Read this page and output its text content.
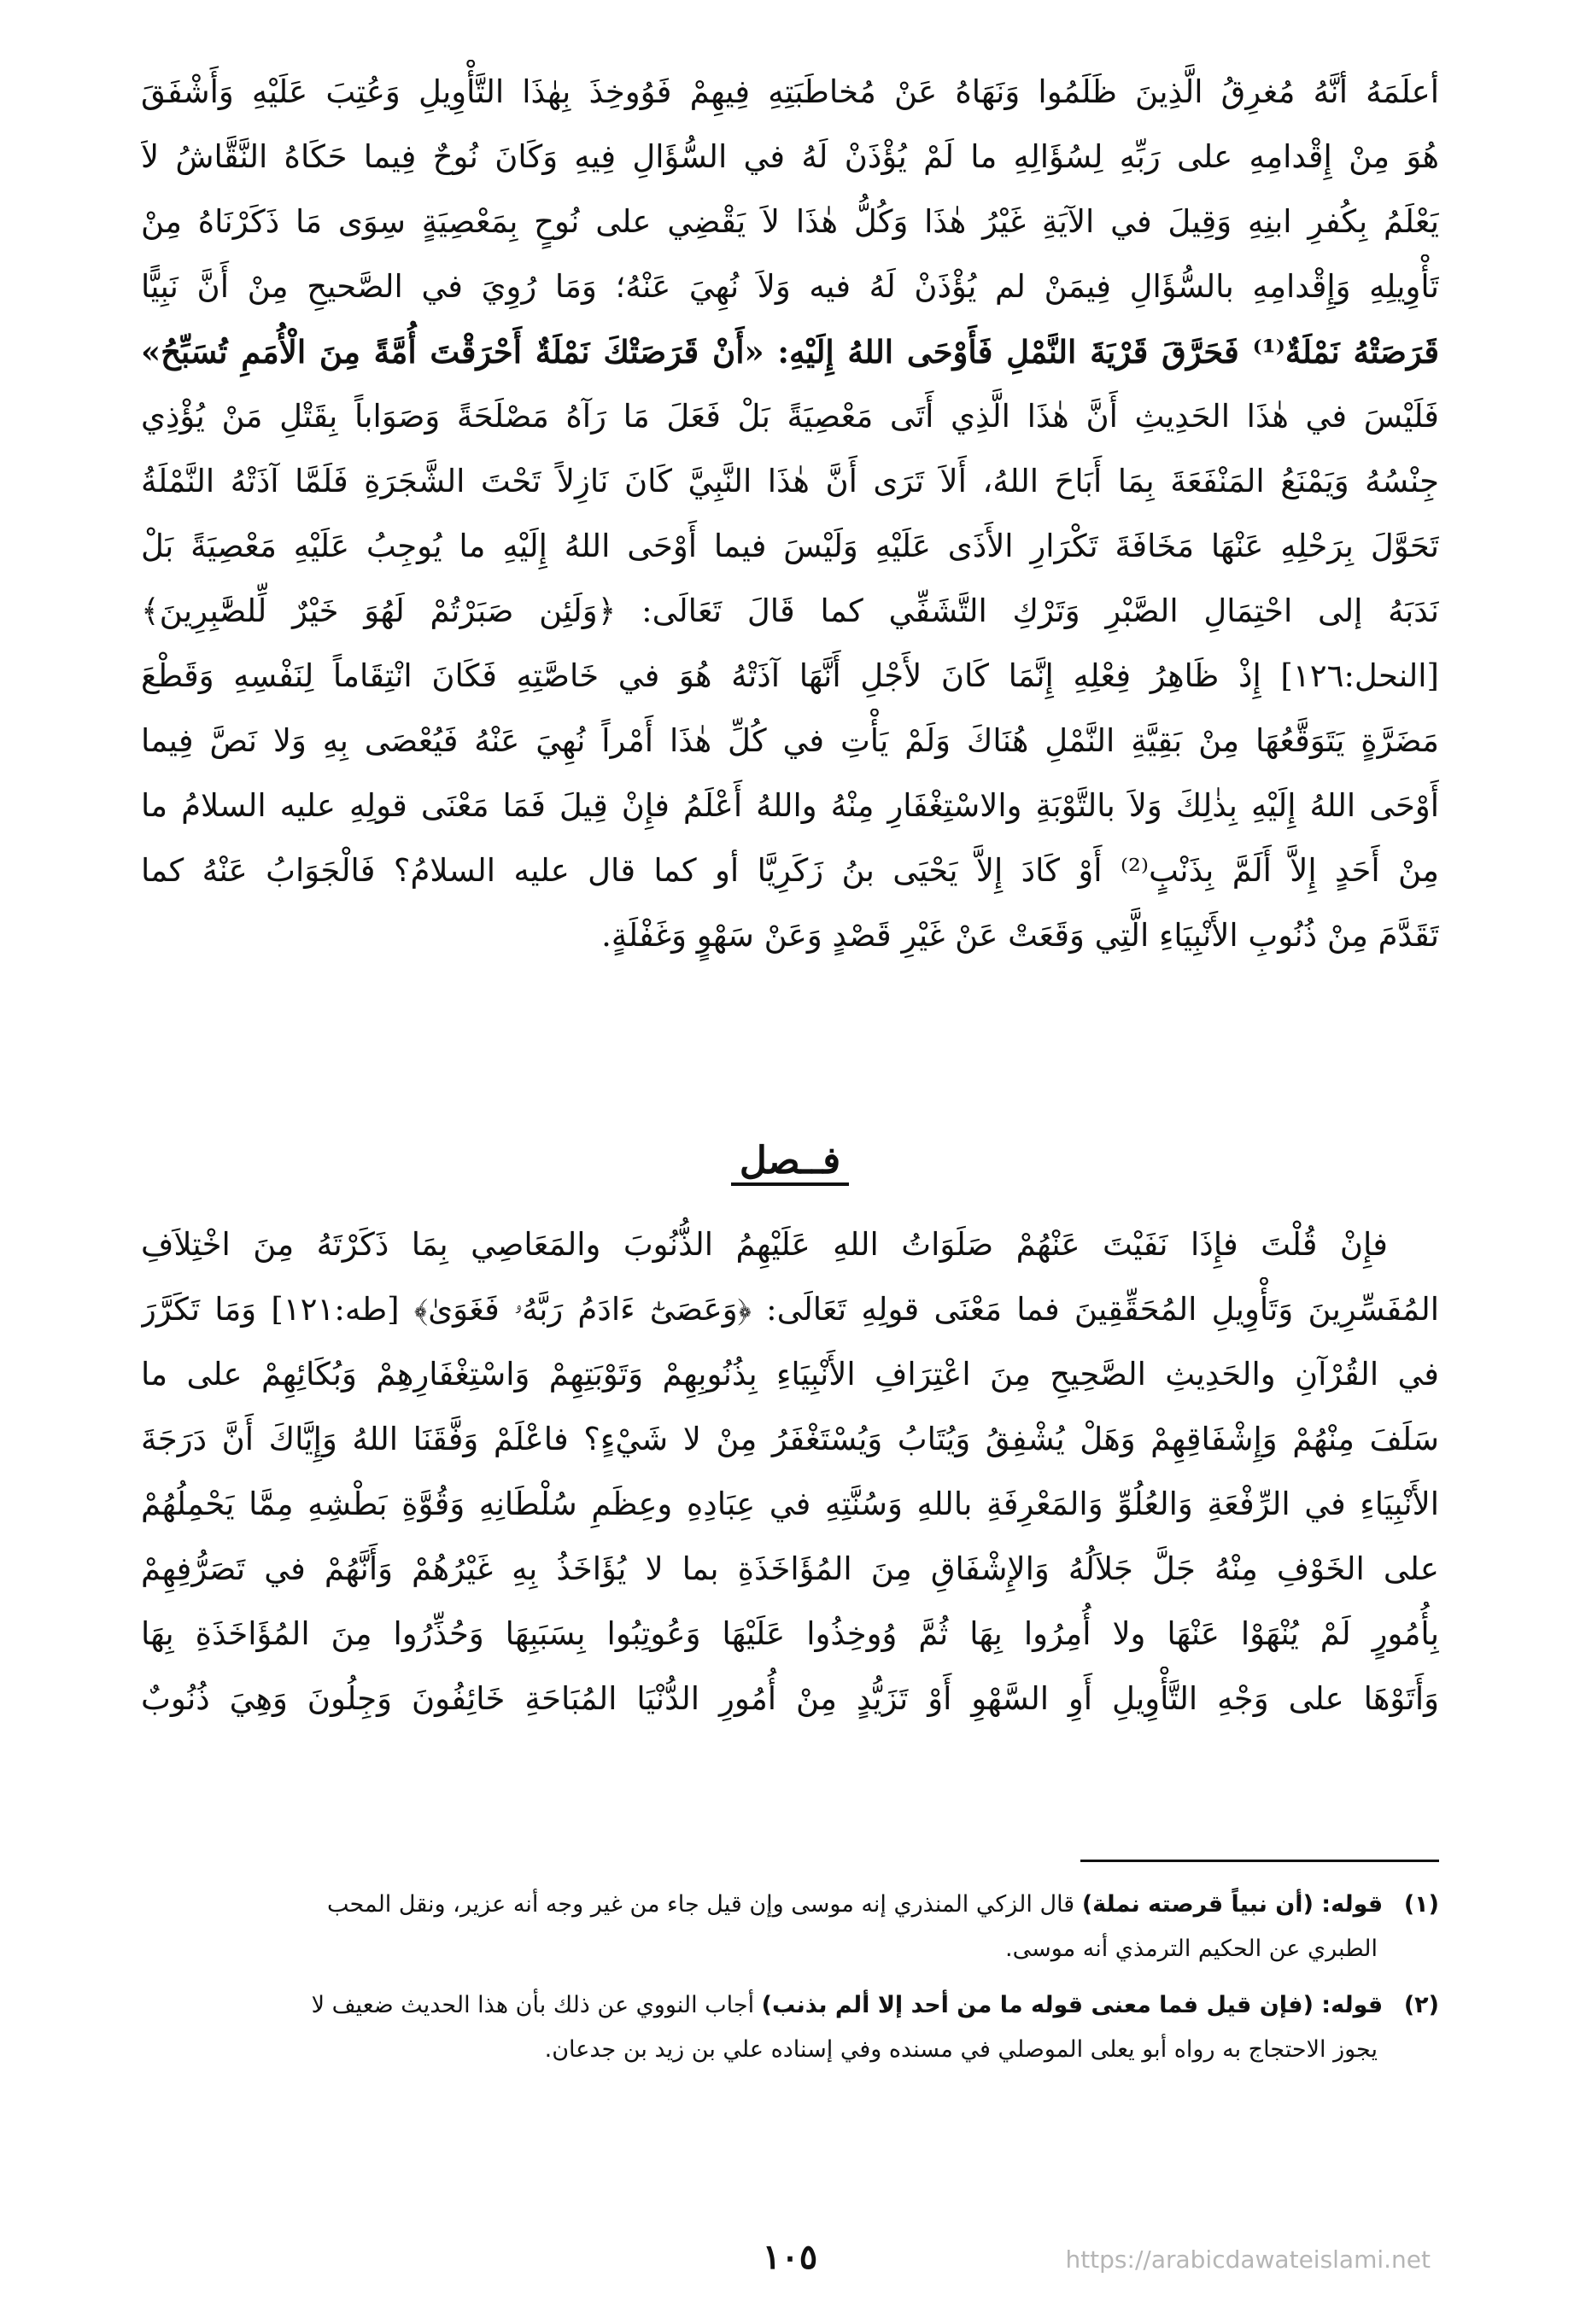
أعلَمَهُ أنَّهُ مُغرِقُ الَّذِينَ ظَلَمُوا وَنَهَاهُ عَنْ مُخاطَبَتِهِ فِيهِمْ فَوُوخِذَ بِهٰذَا التَّأْوِيلِ وَعُتِبَ عَلَيْهِ وَأَشْفَقَ
هُوَ مِنْ إِقْدامِهِ على رَبِّهِ لِسُؤَالِهِ ما لَمْ يُؤْذَنْ لَهُ في السُّؤَالِ فِيهِ وَكَانَ نُوحٌ فِيما حَكَاهُ النَّقَّاشُ لاَ
يَعْلَمُ بِكُفرِ ابنِهِ وَقِيلَ في الآيَةِ غَيْرُ هٰذَا وَكُلُّ هٰذَا لاَ يَقْضِي على نُوحٍ بِمَعْصِيَةٍ سِوَى مَا ذَكَرْنَاهُ مِنْ
تَأْوِيلِهِ وَإِقْدامِهِ بالسُّؤَالِ فِيمَنْ لم يُؤْذَنْ لَهُ فيه وَلاَ نُهِيَ عَنْهُ؛ وَمَا رُوِيَ في الصَّحيحِ مِنْ أَنَّ نَبِيًّا
قَرَصَتْهُ نَمْلَةٌ⁽¹⁾ فَحَرَّقَ قَرْيَةَ النَّمْلِ فَأَوْحَى اللهُ إِلَيْهِ: «أَنْ قَرَصَتْكَ نَمْلَةٌ أَحْرَقْتَ أُمَّةً مِنَ الْأُمَمِ تُسَبِّحُ»
فَلَيْسَ في هٰذَا الحَدِيثِ أَنَّ هٰذَا الَّذِي أَتَى مَعْصِيَةً بَلْ فَعَلَ مَا رَآهُ مَصْلَحَةً وَصَوَاباً بِقَتْلِ مَنْ يُؤْذِي
جِنْسُهُ وَيَمْنَعُ المَنْفَعَةَ بِمَا أَبَاحَ اللهُ، أَلاَ تَرَى أَنَّ هٰذَا النَّبِيَّ كَانَ نَازِلاً تَحْتَ الشَّجَرَةِ فَلَمَّا آذَتْهُ النَّمْلَةُ
تَحَوَّلَ بِرَحْلِهِ عَنْهَا مَخَافَةَ تَكْرَارِ الأَذَى عَلَيْهِ وَلَيْسَ فيما أَوْحَى اللهُ إِلَيْهِ ما يُوجِبُ عَلَيْهِ مَعْصِيَةً بَلْ
نَدَبَهُ إلى احْتِمَالِ الصَّبْرِ وَتَرْكِ التَّشَفِّي كما قَالَ تَعَالَى: ﴿وَلَئِن صَبَرْتُمْ لَهُوَ خَيْرٌ لِّلصَّٰبِرِينَ﴾
[النحل:١٢٦] إِذْ ظَاهِرُ فِعْلِهِ إِنَّمَا كَانَ لأَجْلِ أَنَّهَا آذَتْهُ هُوَ في خَاصَّتِهِ فَكَانَ انْتِقَاماً لِنَفْسِهِ وَقَطْعَ
مَضَرَّةٍ يَتَوَقَّعُهَا مِنْ بَقِيَّةِ النَّمْلِ هُنَاكَ وَلَمْ يَأْتِ في كُلِّ هٰذَا أَمْراً نُهِيَ عَنْهُ فَيُعْصَى بِهِ وَلا نَصَّ فِيما
أَوْحَى اللهُ إِلَيْهِ بِذٰلِكَ وَلاَ بالتَّوْبَةِ والاسْتِغْفَارِ مِنْهُ واللهُ أَعْلَمُ فإِنْ قِيلَ فَمَا مَعْنَى قولِهِ عليه السلامُ ما
مِنْ أَحَدٍ إِلاَّ أَلَمَّ بِذَنْبٍ⁽²⁾ أَوْ كَادَ إِلاَّ يَحْيَى بنُ زَكَرِيَّا أو كما قال عليه السلامُ؟ فَالْجَوَابُ عَنْهُ كما
تَقَدَّمَ مِنْ ذُنُوبِ الأَنْبِيَاءِ الَّتِي وَقَعَتْ عَنْ غَيْرِ قَصْدٍ وَعَنْ سَهْوٍ وَغَفْلَةٍ.
فــصل
فإِنْ قُلْتَ فإِذَا نَفَيْتَ عَنْهُمْ صَلَوَاتُ اللهِ عَلَيْهِمُ الذُّنُوبَ والمَعَاصِي بِمَا ذَكَرْتَهُ مِنَ اخْتِلاَفِ
المُفَسِّرِينَ وَتَأْوِيلِ المُحَقِّقِينَ فما مَعْنَى قولِهِ تَعَالَى: ﴿وَعَصَىٰٓ ءَادَمُ رَبَّهُۥ فَغَوَىٰ﴾ [طه:١٢١] وَمَا تَكَرَّرَ
في القُرْآنِ والحَدِيثِ الصَّحِيحِ مِنَ اعْتِرَافِ الأَنْبِيَاءِ بِذُنُوبِهِمْ وَتَوْبَتِهِمْ وَاسْتِغْفَارِهِمْ وَبُكَائِهِمْ على ما
سَلَفَ مِنْهُمْ وَإِشْفَاقِهِمْ وَهَلْ يُشْفِقُ وَيُتَابُ وَيُسْتَغْفَرُ مِنْ لا شَيْءٍ؟ فاعْلَمْ وَفَّقَنَا اللهُ وَإِيَّاكَ أَنَّ دَرَجَةَ
الأَنْبِيَاءِ في الرِّفْعَةِ وَالعُلُوِّ وَالمَعْرِفَةِ باللهِ وَسُنَّتِهِ في عِبَادِهِ وعِظَمِ سُلْطَانِهِ وَقُوَّةِ بَطْشِهِ مِمَّا يَحْمِلُهُمْ
على الخَوْفِ مِنْهُ جَلَّ جَلاَلُهُ وَالإِشْفَاقِ مِنَ المُؤَاخَذَةِ بما لا يُؤَاخَذُ بِهِ غَيْرُهُمْ وَأَنَّهُمْ في تَصَرُّفِهِمْ
بِأُمُورٍ لَمْ يُنْهَوْا عَنْهَا ولا أُمِرُوا بِهَا ثُمَّ وُوخِذُوا عَلَيْهَا وَعُوتِبُوا بِسَبَبِهَا وَحُذِّرُوا مِنَ المُؤَاخَذَةِ بِهَا
وَأَتَوْهَا على وَجْهِ التَّأْوِيلِ أَوِ السَّهْوِ أَوْ تَزَيُّدٍ مِنْ أُمُورِ الدُّنْيَا المُبَاحَةِ خَائِفُونَ وَجِلُونَ وَهِيَ ذُنُوبٌ
(١) قوله: (أن نبياً قرصته نملة) قال الزكي المنذري إنه موسى وإن قيل جاء من غير وجه أنه عزير، ونقل المحب
الطبري عن الحكيم الترمذي أنه موسى.
(٢) قوله: (فإن قيل فما معنى قوله ما من أحد إلا ألم بذنب) أجاب النووي عن ذلك بأن هذا الحديث ضعيف لا
يجوز الاحتجاج به رواه أبو يعلى الموصلي في مسنده وفي إسناده علي بن زيد بن جدعان.
١٠٥	https://arabicdawateislami.net
